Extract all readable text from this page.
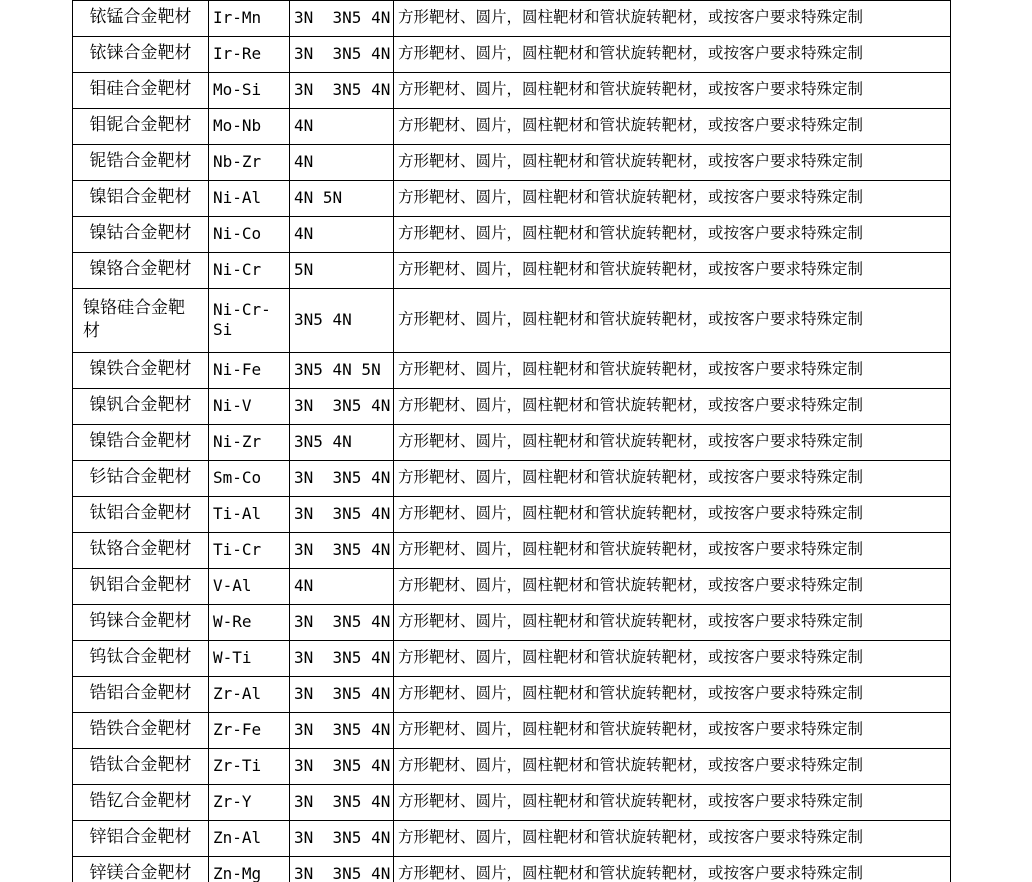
铱锰合金靶材	Ir-Mn	3N  3N5 4N	方形靶材、圆片，圆柱靶材和管状旋转靶材，或按客户要求特殊定制
铱铼合金靶材	Ir-Re	3N  3N5 4N	方形靶材、圆片，圆柱靶材和管状旋转靶材，或按客户要求特殊定制
钼硅合金靶材	Mo-Si	3N  3N5 4N	方形靶材、圆片，圆柱靶材和管状旋转靶材，或按客户要求特殊定制
钼铌合金靶材	Mo-Nb	4N	方形靶材、圆片，圆柱靶材和管状旋转靶材，或按客户要求特殊定制
铌锆合金靶材	Nb-Zr	4N	方形靶材、圆片，圆柱靶材和管状旋转靶材，或按客户要求特殊定制
镍铝合金靶材	Ni-Al	4N 5N	方形靶材、圆片，圆柱靶材和管状旋转靶材，或按客户要求特殊定制
镍钴合金靶材	Ni-Co	4N	方形靶材、圆片，圆柱靶材和管状旋转靶材，或按客户要求特殊定制
镍铬合金靶材	Ni-Cr	5N	方形靶材、圆片，圆柱靶材和管状旋转靶材，或按客户要求特殊定制
镍铬硅合金靶材	Ni-Cr-Si	3N5 4N	方形靶材、圆片，圆柱靶材和管状旋转靶材，或按客户要求特殊定制
镍铁合金靶材	Ni-Fe	3N5 4N 5N	方形靶材、圆片，圆柱靶材和管状旋转靶材，或按客户要求特殊定制
镍钒合金靶材	Ni-V	3N  3N5 4N	方形靶材、圆片，圆柱靶材和管状旋转靶材，或按客户要求特殊定制
镍锆合金靶材	Ni-Zr	3N5 4N	方形靶材、圆片，圆柱靶材和管状旋转靶材，或按客户要求特殊定制
钐钴合金靶材	Sm-Co	3N  3N5 4N	方形靶材、圆片，圆柱靶材和管状旋转靶材，或按客户要求特殊定制
钛铝合金靶材	Ti-Al	3N  3N5 4N	方形靶材、圆片，圆柱靶材和管状旋转靶材，或按客户要求特殊定制
钛铬合金靶材	Ti-Cr	3N  3N5 4N	方形靶材、圆片，圆柱靶材和管状旋转靶材，或按客户要求特殊定制
钒铝合金靶材	V-Al	4N	方形靶材、圆片，圆柱靶材和管状旋转靶材，或按客户要求特殊定制
钨铼合金靶材	W-Re	3N  3N5 4N	方形靶材、圆片，圆柱靶材和管状旋转靶材，或按客户要求特殊定制
钨钛合金靶材	W-Ti	3N  3N5 4N	方形靶材、圆片，圆柱靶材和管状旋转靶材，或按客户要求特殊定制
锆铝合金靶材	Zr-Al	3N  3N5 4N	方形靶材、圆片，圆柱靶材和管状旋转靶材，或按客户要求特殊定制
锆铁合金靶材	Zr-Fe	3N  3N5 4N	方形靶材、圆片，圆柱靶材和管状旋转靶材，或按客户要求特殊定制
锆钛合金靶材	Zr-Ti	3N  3N5 4N	方形靶材、圆片，圆柱靶材和管状旋转靶材，或按客户要求特殊定制
锆钇合金靶材	Zr-Y	3N  3N5 4N	方形靶材、圆片，圆柱靶材和管状旋转靶材，或按客户要求特殊定制
锌铝合金靶材	Zn-Al	3N  3N5 4N	方形靶材、圆片，圆柱靶材和管状旋转靶材，或按客户要求特殊定制
锌镁合金靶材	Zn-Mg	3N  3N5 4N	方形靶材、圆片，圆柱靶材和管状旋转靶材，或按客户要求特殊定制
